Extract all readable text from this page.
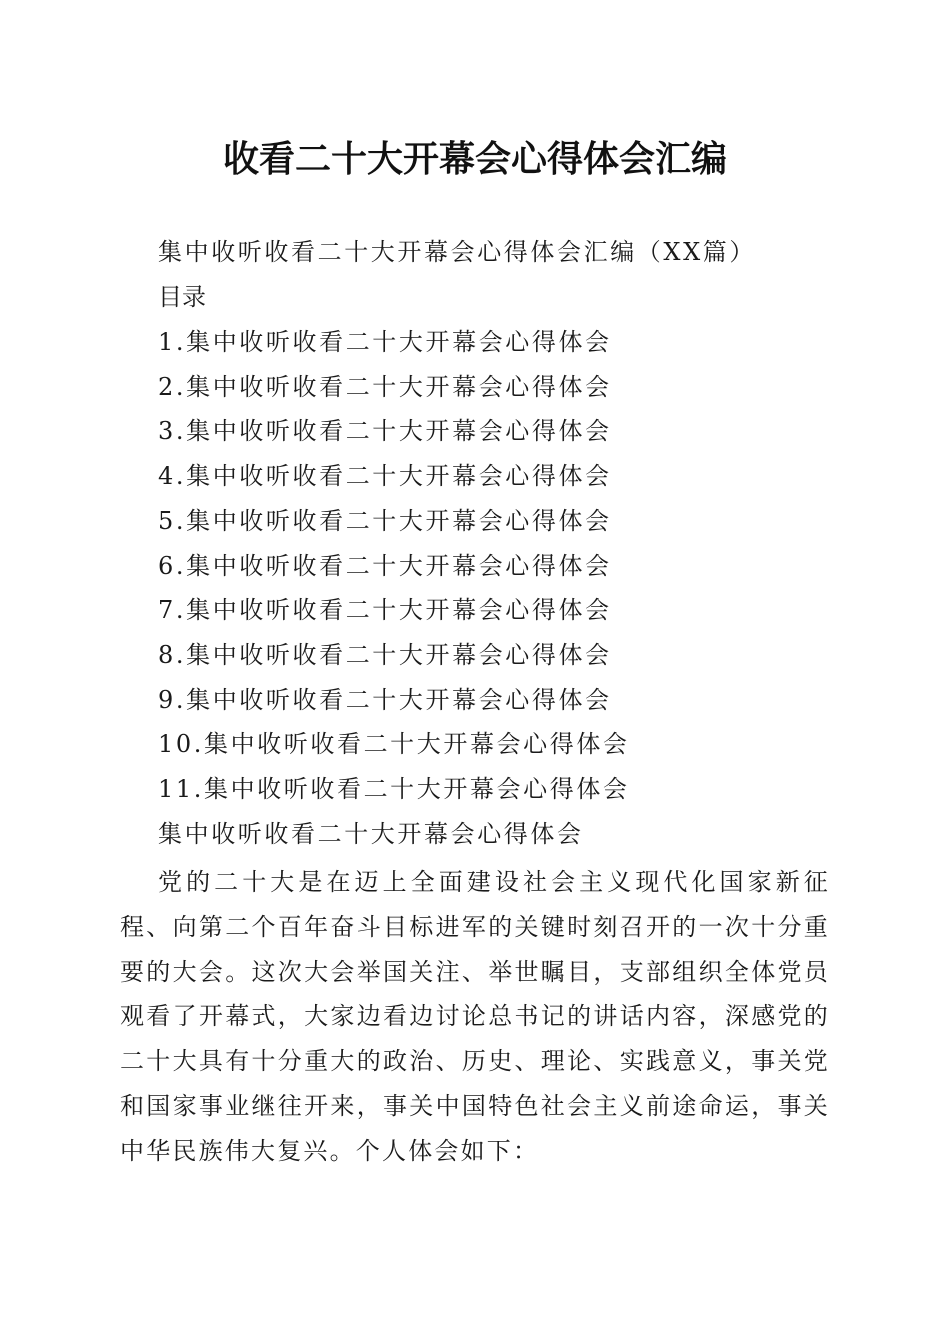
收看二十大开幕会心得体会汇编

集中收听收看二十大开幕会心得体会汇编（XX篇）

目录

1.集中收听收看二十大开幕会心得体会

2.集中收听收看二十大开幕会心得体会

3.集中收听收看二十大开幕会心得体会

4.集中收听收看二十大开幕会心得体会

5.集中收听收看二十大开幕会心得体会

6.集中收听收看二十大开幕会心得体会

7.集中收听收看二十大开幕会心得体会

8.集中收听收看二十大开幕会心得体会

9.集中收听收看二十大开幕会心得体会

10.集中收听收看二十大开幕会心得体会

11.集中收听收看二十大开幕会心得体会

集中收听收看二十大开幕会心得体会

党的二十大是在迈上全面建设社会主义现代化国家新征程、向第二个百年奋斗目标进军的关键时刻召开的一次十分重要的大会。这次大会举国关注、举世瞩目，支部组织全体党员观看了开幕式，大家边看边讨论总书记的讲话内容，深感党的二十大具有十分重大的政治、历史、理论、实践意义，事关党和国家事业继往开来，事关中国特色社会主义前途命运，事关中华民族伟大复兴。个人体会如下：
